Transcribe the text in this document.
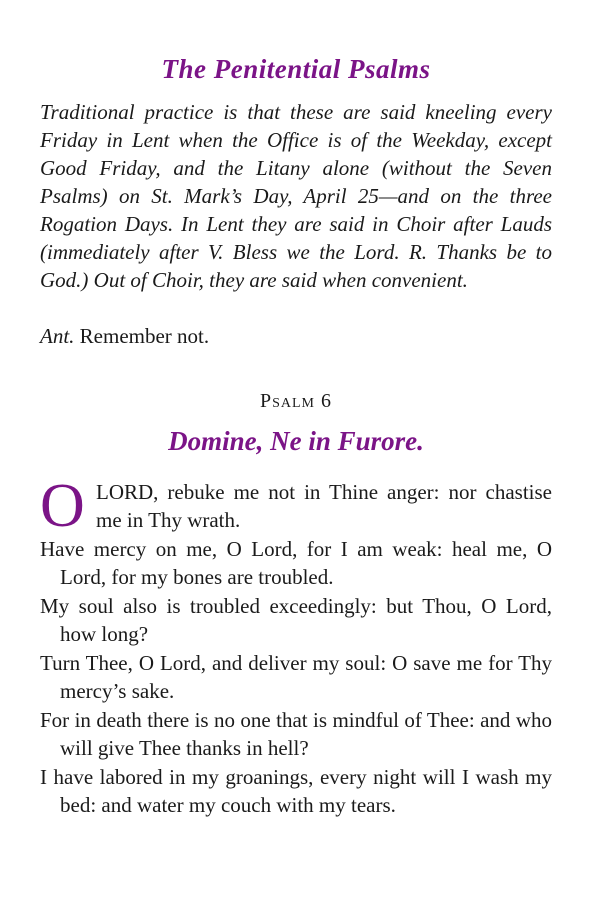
The Penitential Psalms

Traditional practice is that these are said kneeling every Friday in Lent when the Office is of the Weekday, except Good Friday, and the Litany alone (without the Seven Psalms) on St. Mark’s Day, April 25—and on the three Rogation Days. In Lent they are said in Choir after Lauds (immediately after V. Bless we the Lord. R. Thanks be to God.) Out of Choir, they are said when convenient.

Ant. Remember not.

Psalm 6
Domine, Ne in Furore.

O LORD, rebuke me not in Thine anger: nor chastise me in Thy wrath.

Have mercy on me, O Lord, for I am weak: heal me, O Lord, for my bones are troubled.

My soul also is troubled exceedingly: but Thou, O Lord, how long?

Turn Thee, O Lord, and deliver my soul: O save me for Thy mercy’s sake.

For in death there is no one that is mindful of Thee: and who will give Thee thanks in hell?

I have labored in my groanings, every night will I wash my bed: and water my couch with my tears.
